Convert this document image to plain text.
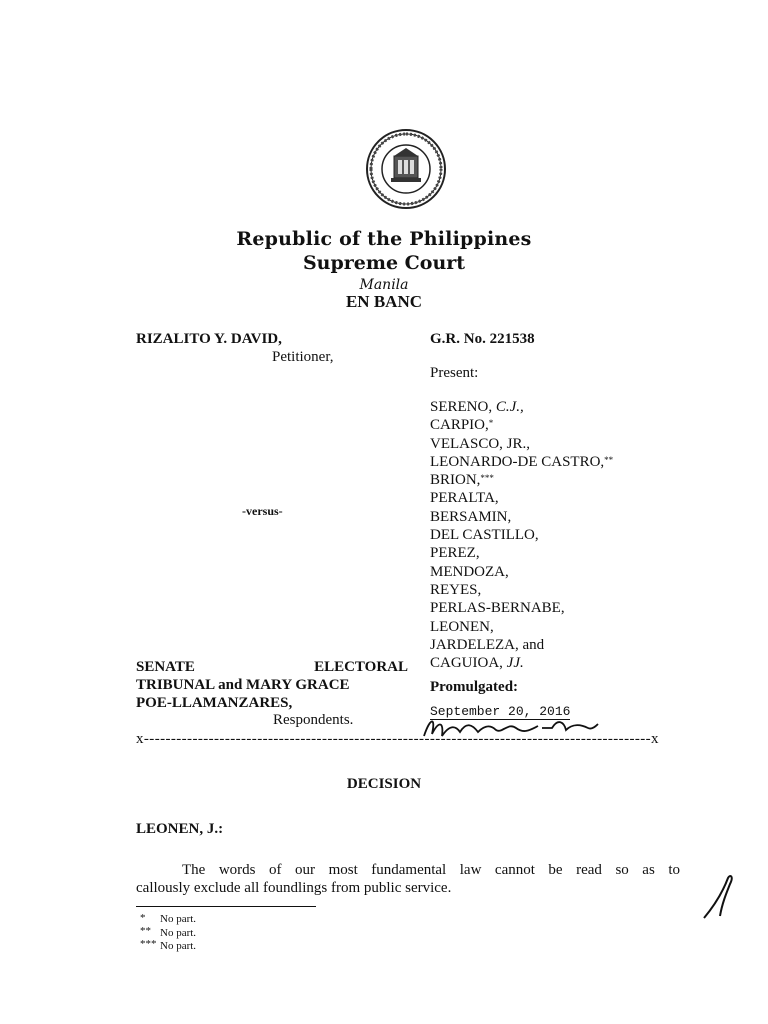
Republic of the Philippines
Supreme Court
Manila
EN BANC
RIZALITO Y. DAVID,
Petitioner,
G.R. No. 221538
Present:
SERENO, C.J.,
CARPIO,*
VELASCO, JR.,
LEONARDO-DE CASTRO,**
BRION,***
PERALTA,
BERSAMIN,
DEL CASTILLO,
PEREZ,
MENDOZA,
REYES,
PERLAS-BERNABE,
LEONEN,
JARDELEZA, and
CAGUIOA, JJ.
-versus-
SENATE	ELECTORAL
TRIBUNAL and MARY GRACE
POE-LLAMANZARES,
Respondents.
Promulgated:
September 20, 2016
x----------------------------------------------------------------------------------------------x
DECISION
LEONEN, J.:
The words of our most fundamental law cannot be read so as to
callously exclude all foundlings from public service.
* No part.
** No part.
*** No part.
